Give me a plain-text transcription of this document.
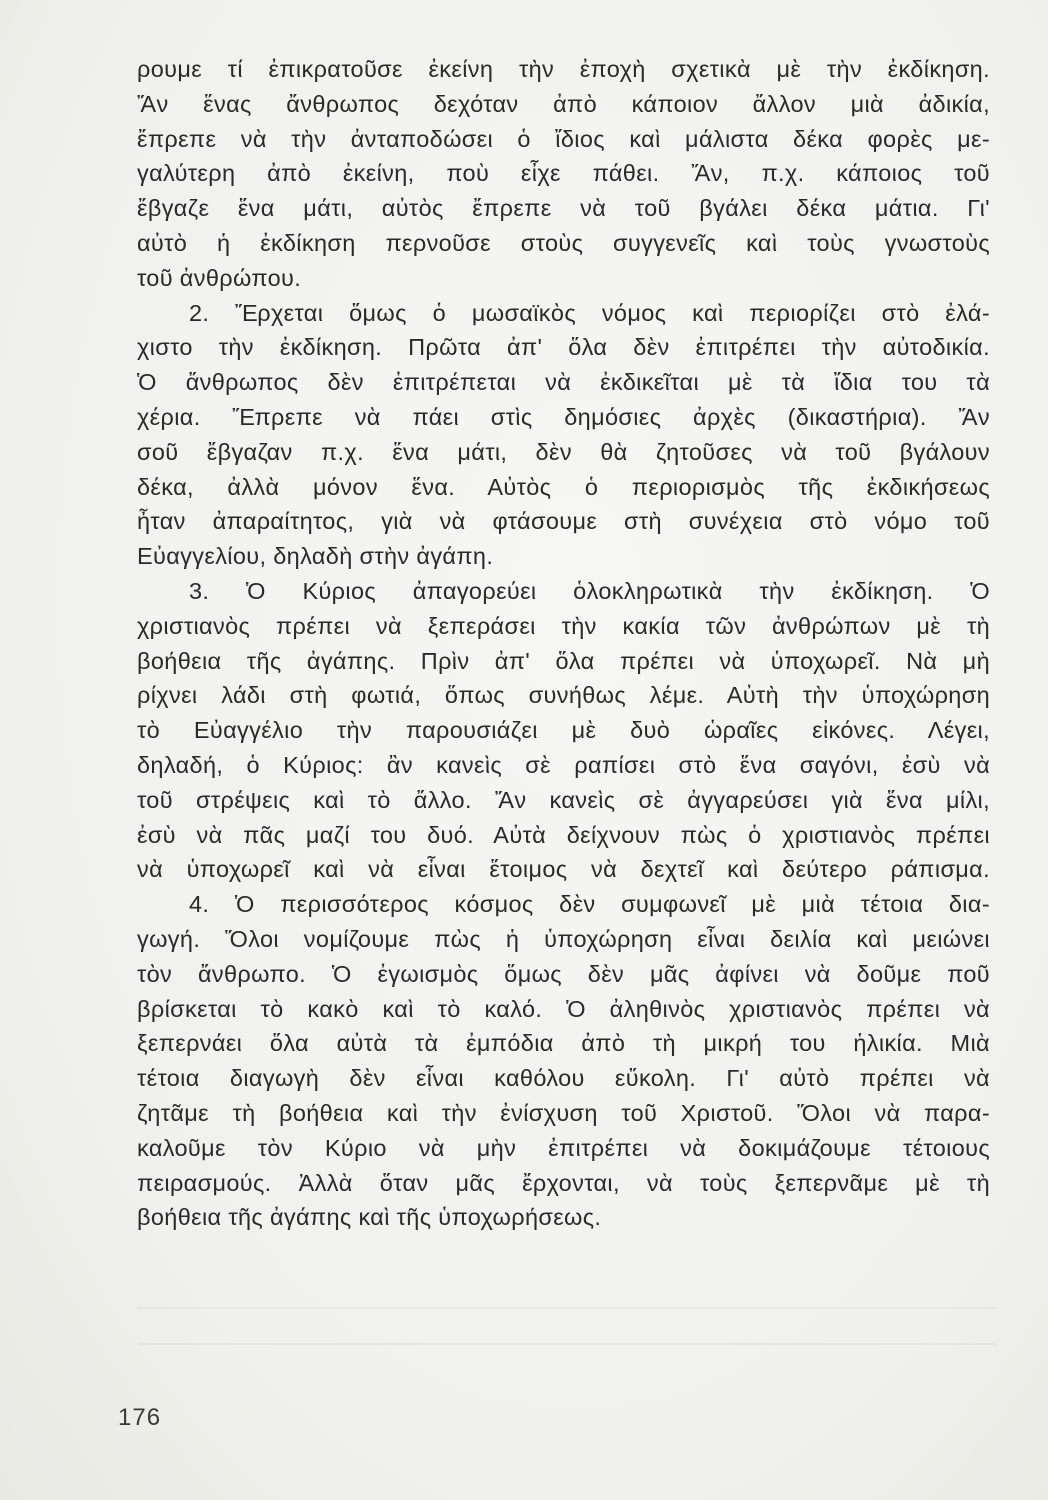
ρουμε τί ἐπικρατοῦσε ἐκείνη τὴν ἐποχὴ σχετικὰ μὲ τὴν ἐκδίκηση.
Ἄν ἕνας ἄνθρωπος δεχόταν ἀπὸ κάποιον ἄλλον μιὰ ἀδικία,
ἔπρεπε νὰ τὴν ἀνταποδώσει ὁ ἴδιος καὶ μάλιστα δέκα φορὲς με-
γαλύτερη ἀπὸ ἐκείνη, ποὺ εἶχε πάθει. Ἄν, π.χ. κάποιος τοῦ
ἔβγαζε ἕνα μάτι, αὐτὸς ἔπρεπε νὰ τοῦ βγάλει δέκα μάτια. Γι'
αὐτὸ ἡ ἐκδίκηση περνοῦσε στοὺς συγγενεῖς καὶ τοὺς γνωστοὺς
τοῦ ἀνθρώπου.
2. Ἔρχεται ὅμως ὁ μωσαϊκὸς νόμος καὶ περιορίζει στὸ ἐλά-
χιστο τὴν ἐκδίκηση. Πρῶτα ἀπ' ὅλα δὲν ἐπιτρέπει τὴν αὐτοδικία.
Ὁ ἄνθρωπος δὲν ἐπιτρέπεται νὰ ἐκδικεῖται μὲ τὰ ἴδια του τὰ
χέρια. Ἔπρεπε νὰ πάει στὶς δημόσιες ἀρχὲς (δικαστήρια). Ἄν
σοῦ ἔβγαζαν π.χ. ἕνα μάτι, δὲν θὰ ζητοῦσες νὰ τοῦ βγάλουν
δέκα, ἀλλὰ μόνον ἕνα. Αὐτὸς ὁ περιορισμὸς τῆς ἐκδικήσεως
ἦταν ἀπαραίτητος, γιὰ νὰ φτάσουμε στὴ συνέχεια στὸ νόμο τοῦ
Εὐαγγελίου, δηλαδὴ στὴν ἀγάπη.
3. Ὁ Κύριος ἀπαγορεύει ὁλοκληρωτικὰ τὴν ἐκδίκηση. Ὁ
χριστιανὸς πρέπει νὰ ξεπεράσει τὴν κακία τῶν ἀνθρώπων μὲ τὴ
βοήθεια τῆς ἀγάπης. Πρὶν ἀπ' ὅλα πρέπει νὰ ὑποχωρεῖ. Νὰ μὴ
ρίχνει λάδι στὴ φωτιά, ὅπως συνήθως λέμε. Αὐτὴ τὴν ὑποχώρηση
τὸ Εὐαγγέλιο τὴν παρουσιάζει μὲ δυὸ ὡραῖες εἰκόνες. Λέγει,
δηλαδή, ὁ Κύριος: ἂν κανεὶς σὲ ραπίσει στὸ ἕνα σαγόνι, ἐσὺ νὰ
τοῦ στρέψεις καὶ τὸ ἄλλο. Ἄν κανεὶς σὲ ἀγγαρεύσει γιὰ ἕνα μίλι,
ἐσὺ νὰ πᾶς μαζί του δυό. Αὐτὰ δείχνουν πὼς ὁ χριστιανὸς πρέπει
νὰ ὑποχωρεῖ καὶ νὰ εἶναι ἕτοιμος νὰ δεχτεῖ καὶ δεύτερο ράπισμα.
4. Ὁ περισσότερος κόσμος δὲν συμφωνεῖ μὲ μιὰ τέτοια δια-
γωγή. Ὅλοι νομίζουμε πὼς ἡ ὑποχώρηση εἶναι δειλία καὶ μειώνει
τὸν ἄνθρωπο. Ὁ ἐγωισμὸς ὅμως δὲν μᾶς ἀφίνει νὰ δοῦμε ποῦ
βρίσκεται τὸ κακὸ καὶ τὸ καλό. Ὁ ἀληθινὸς χριστιανὸς πρέπει νὰ
ξεπερνάει ὅλα αὐτὰ τὰ ἐμπόδια ἀπὸ τὴ μικρή του ἡλικία. Μιὰ
τέτοια διαγωγὴ δὲν εἶναι καθόλου εὔκολη. Γι' αὐτὸ πρέπει νὰ
ζητᾶμε τὴ βοήθεια καὶ τὴν ἐνίσχυση τοῦ Χριστοῦ. Ὅλοι νὰ παρα-
καλοῦμε τὸν Κύριο νὰ μὴν ἐπιτρέπει νὰ δοκιμάζουμε τέτοιους
πειρασμούς. Ἀλλὰ ὅταν μᾶς ἔρχονται, νὰ τοὺς ξεπερνᾶμε μὲ τὴ
βοήθεια τῆς ἀγάπης καὶ τῆς ὑποχωρήσεως.
176
